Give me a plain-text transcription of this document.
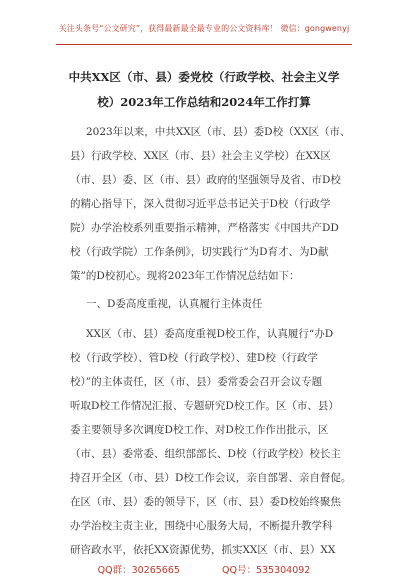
关注头条号“公文研究”，获得最新最全最专业的公文资料库！ 微信：gongwenyj
中共XX区（市、县）委党校（行政学校、社会主义学
校）2023年工作总结和2024年工作打算
2023年以来，中共XX区（市、县）委D校（XX区（市、
县）行政学校、XX区（市、县）社会主义学校）在XX区
（市、县）委、区（市、县）政府的坚强领导及省、市D校
的精心指导下，深入贯彻习近平总书记关于D校（行政学
院）办学治校系列重要指示精神，严格落实《中国共产DD
校（行政学院）工作条例》，切实践行“为D育才、为D献
策”的D校初心。现将2023年工作情况总结如下：
一、D委高度重视，认真履行主体责任
XX区（市、县）委高度重视D校工作，认真履行“办D
校（行政学校）、管D校（行政学校）、建D校（行政学
校）”的主体责任，区（市、县）委常委会召开会议专题
听取D校工作情况汇报、专题研究D校工作。区（市、县）
委主要领导多次调度D校工作、对D校工作作出批示，区
（市、县）委常委、组织部部长、D校（行政学校）校长主
持召开全区（市、县）D校工作会议，亲自部署、亲自督促。
在区（市、县）委的领导下，区（市、县）委D校始终聚焦
办学治校主责主业，围绕中心服务大局，不断提升教学科
研咨政水平，依托XX资源优势，抓实XX区（市、县）XX
QQ群：30265665	QQ号：535304092
